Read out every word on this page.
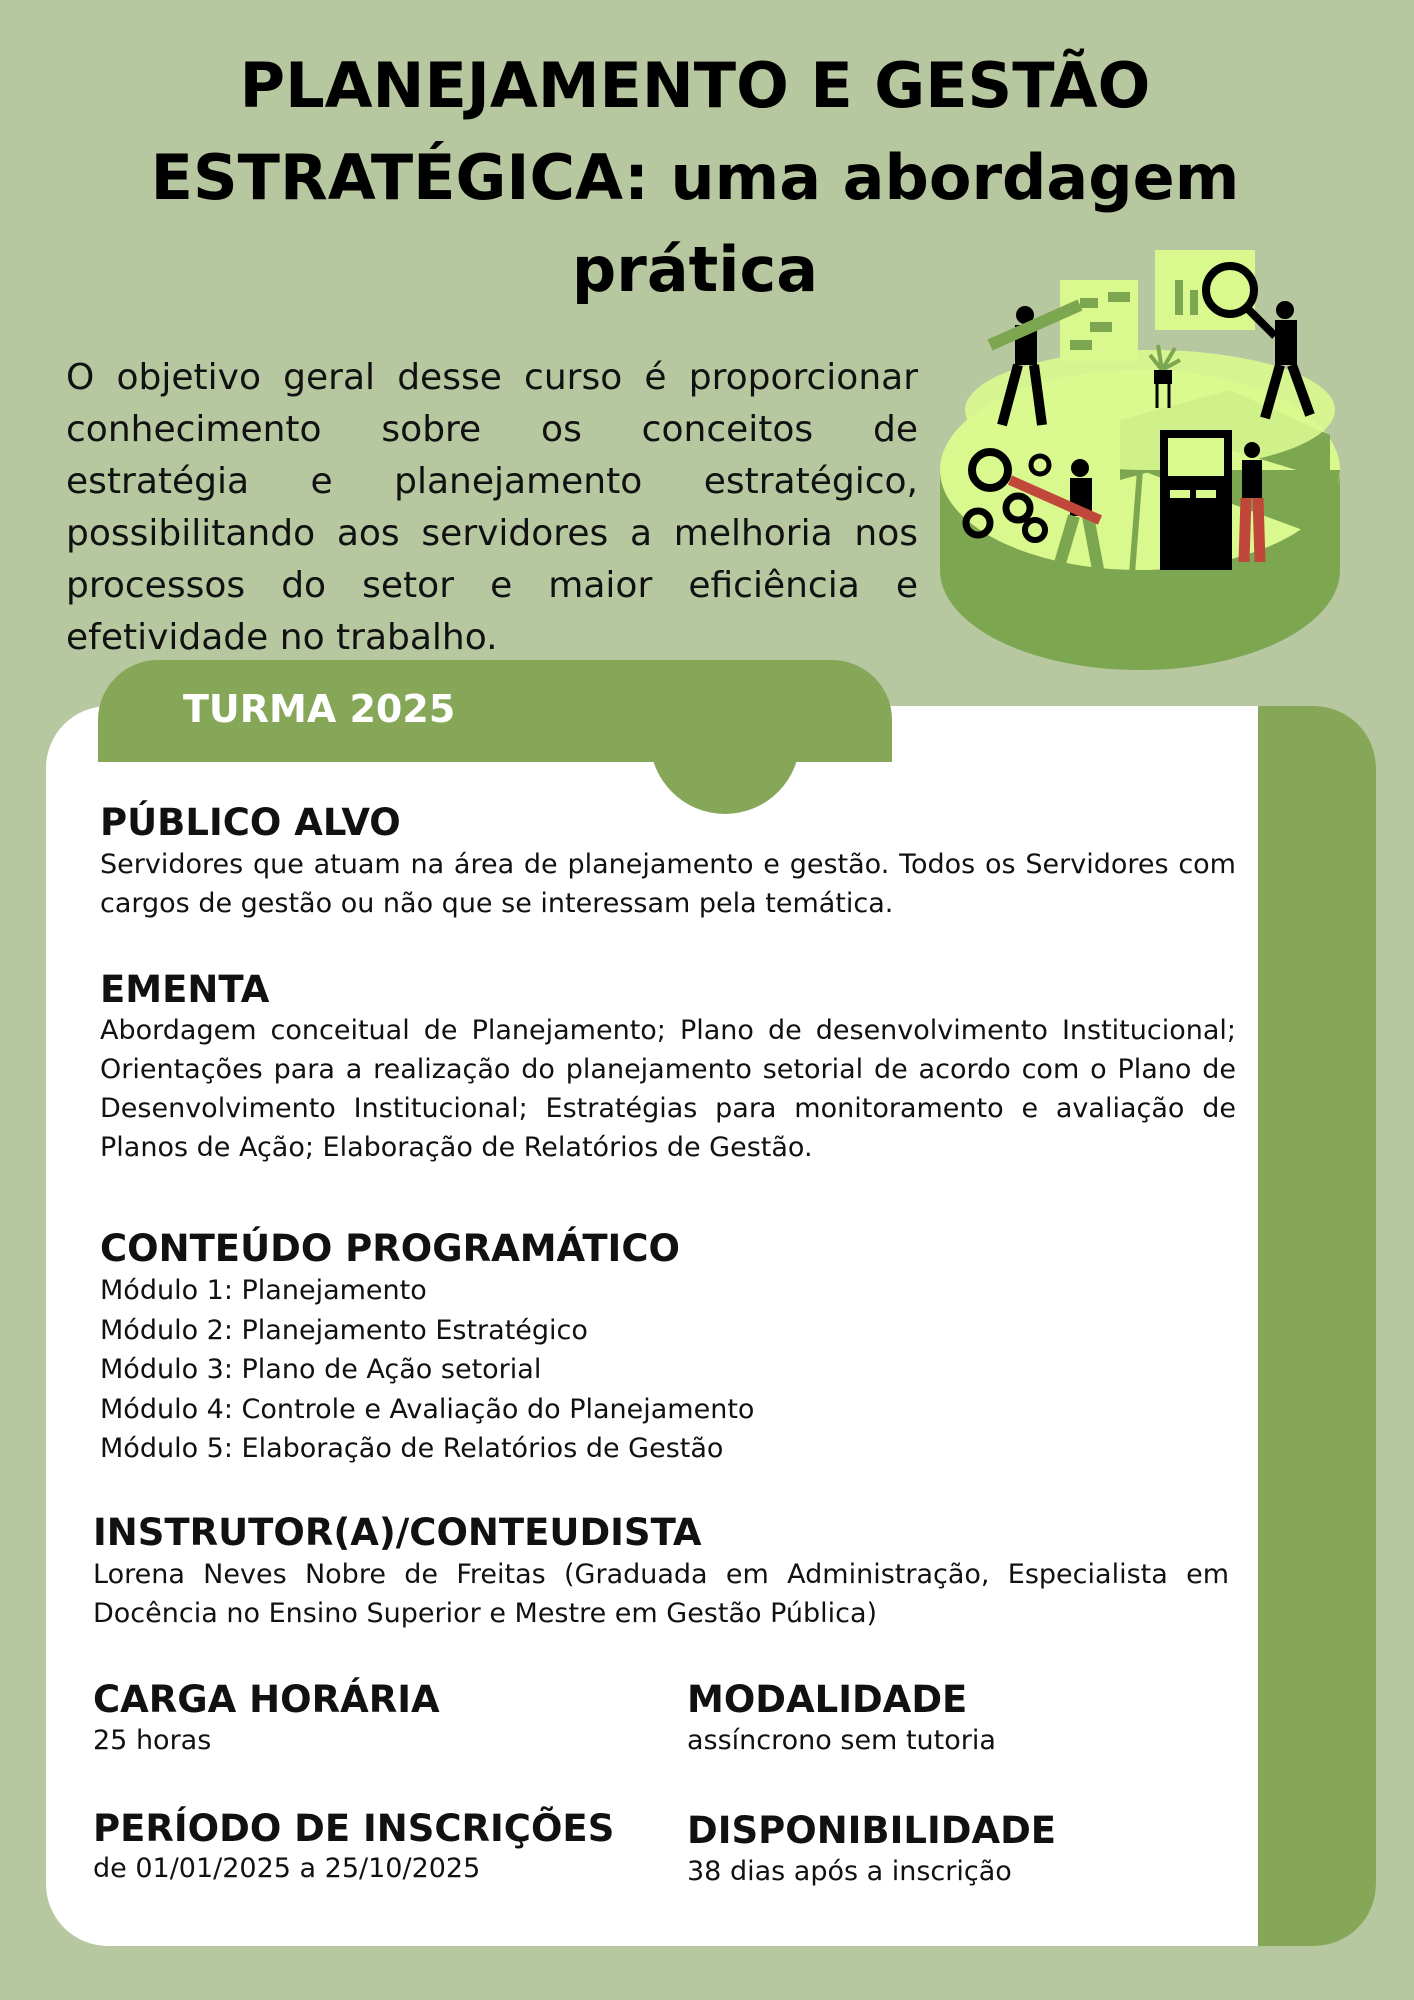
PLANEJAMENTO E GESTÃO
ESTRATÉGICA: uma abordagem
prática

O objetivo geral desse curso é proporcionar conhecimento sobre os conceitos de estratégia e planejamento estratégico, possibilitando aos servidores a melhoria nos processos do setor e maior eficiência e efetividade no trabalho.

TURMA 2025
PÚBLICO ALVO

Servidores que atuam na área de planejamento e gestão. Todos os Servidores com cargos de gestão ou não que se interessam pela temática.

EMENTA

Abordagem conceitual de Planejamento; Plano de desenvolvimento Institucional; Orientações para a realização do planejamento setorial de acordo com o Plano de Desenvolvimento Institucional; Estratégias para monitoramento e avaliação de Planos de Ação; Elaboração de Relatórios de Gestão.

CONTEÚDO PROGRAMÁTICO
Módulo 1: Planejamento
Módulo 2: Planejamento Estratégico
Módulo 3: Plano de Ação setorial
Módulo 4: Controle e Avaliação do Planejamento
Módulo 5: Elaboração de Relatórios de Gestão
INSTRUTOR(A)/CONTEUDISTA

Lorena Neves Nobre de Freitas (Graduada em Administração, Especialista em Docência no Ensino Superior e Mestre em Gestão Pública)

CARGA HORÁRIA

25 horas

MODALIDADE

assíncrono sem tutoria

PERÍODO DE INSCRIÇÕES

de 01/01/2025 a 25/10/2025

DISPONIBILIDADE

38 dias após a inscrição
